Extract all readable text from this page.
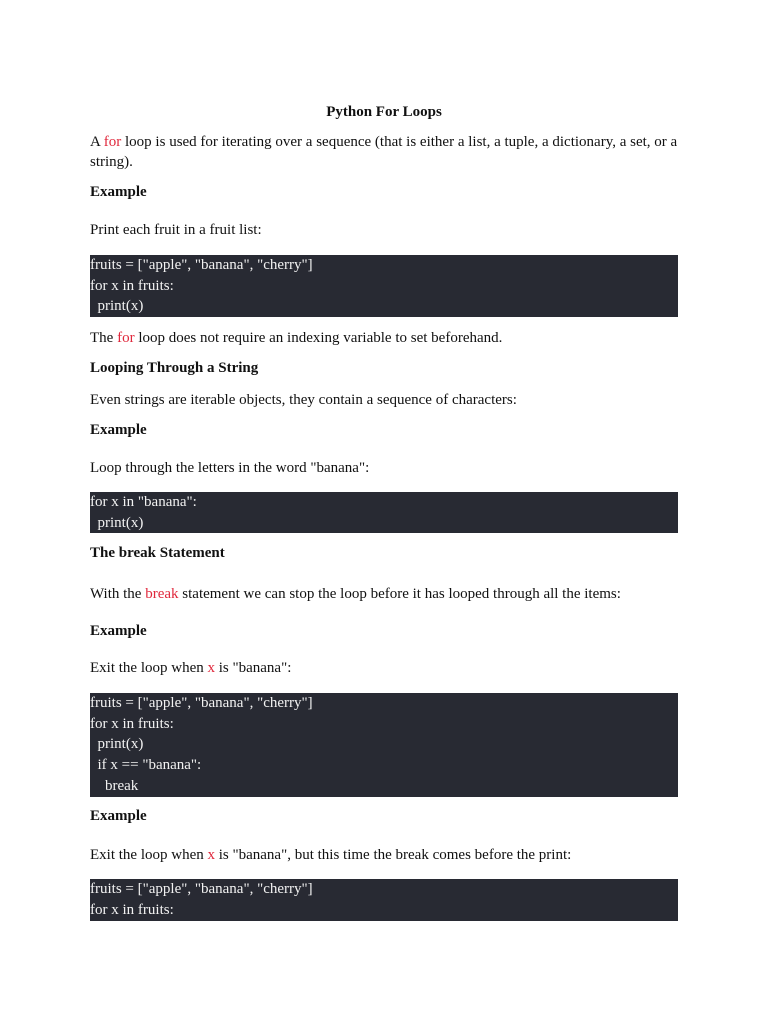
Python For Loops

A for loop is used for iterating over a sequence (that is either a list, a tuple, a dictionary, a set, or a string).

Example

Print each fruit in a fruit list:

fruits = ["apple", "banana", "cherry"]
for x in fruits:
print(x)

The for loop does not require an indexing variable to set beforehand.

Looping Through a String

Even strings are iterable objects, they contain a sequence of characters:

Example

Loop through the letters in the word "banana":

for x in "banana":
print(x)
The break Statement

With the break statement we can stop the loop before it has looped through all the items:

Example

Exit the loop when x is "banana":

fruits = ["apple", "banana", "cherry"]
for x in fruits:
print(x)
if x == "banana":
break
Example

Exit the loop when x is "banana", but this time the break comes before the print:

fruits = ["apple", "banana", "cherry"]
for x in fruits:
